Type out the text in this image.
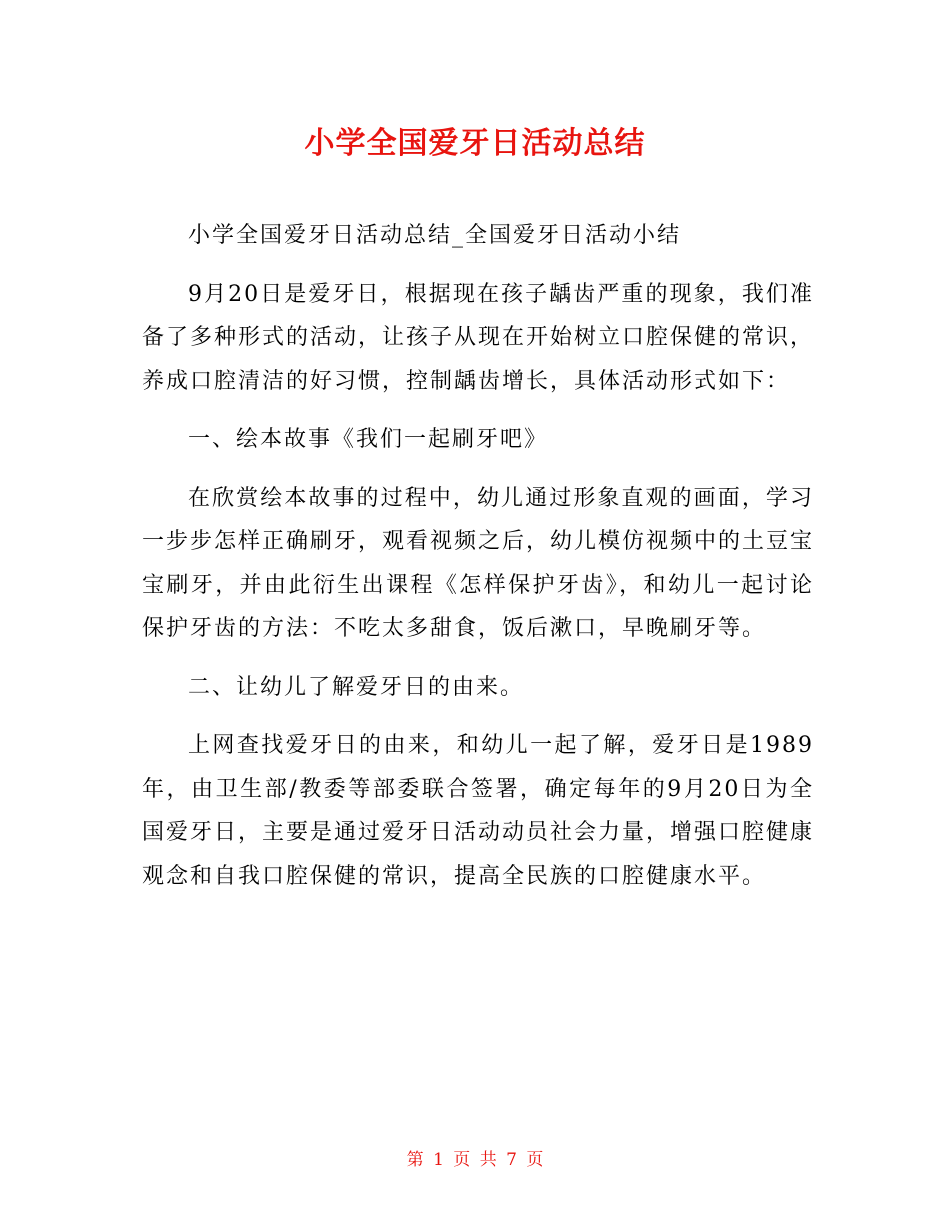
小学全国爱牙日活动总结

小学全国爱牙日活动总结_全国爱牙日活动小结

9月20日是爱牙日，根据现在孩子龋齿严重的现象，我们准备了多种形式的活动，让孩子从现在开始树立口腔保健的常识，养成口腔清洁的好习惯，控制龋齿增长，具体活动形式如下：

一、绘本故事《我们一起刷牙吧》

在欣赏绘本故事的过程中，幼儿通过形象直观的画面，学习一步步怎样正确刷牙，观看视频之后，幼儿模仿视频中的土豆宝宝刷牙，并由此衍生出课程《怎样保护牙齿》，和幼儿一起讨论保护牙齿的方法：不吃太多甜食，饭后漱口，早晚刷牙等。

二、让幼儿了解爱牙日的由来。

上网查找爱牙日的由来，和幼儿一起了解，爱牙日是1989年，由卫生部/教委等部委联合签署，确定每年的9月20日为全国爱牙日，主要是通过爱牙日活动动员社会力量，增强口腔健康观念和自我口腔保健的常识，提高全民族的口腔健康水平。

第 1 页 共 7 页
